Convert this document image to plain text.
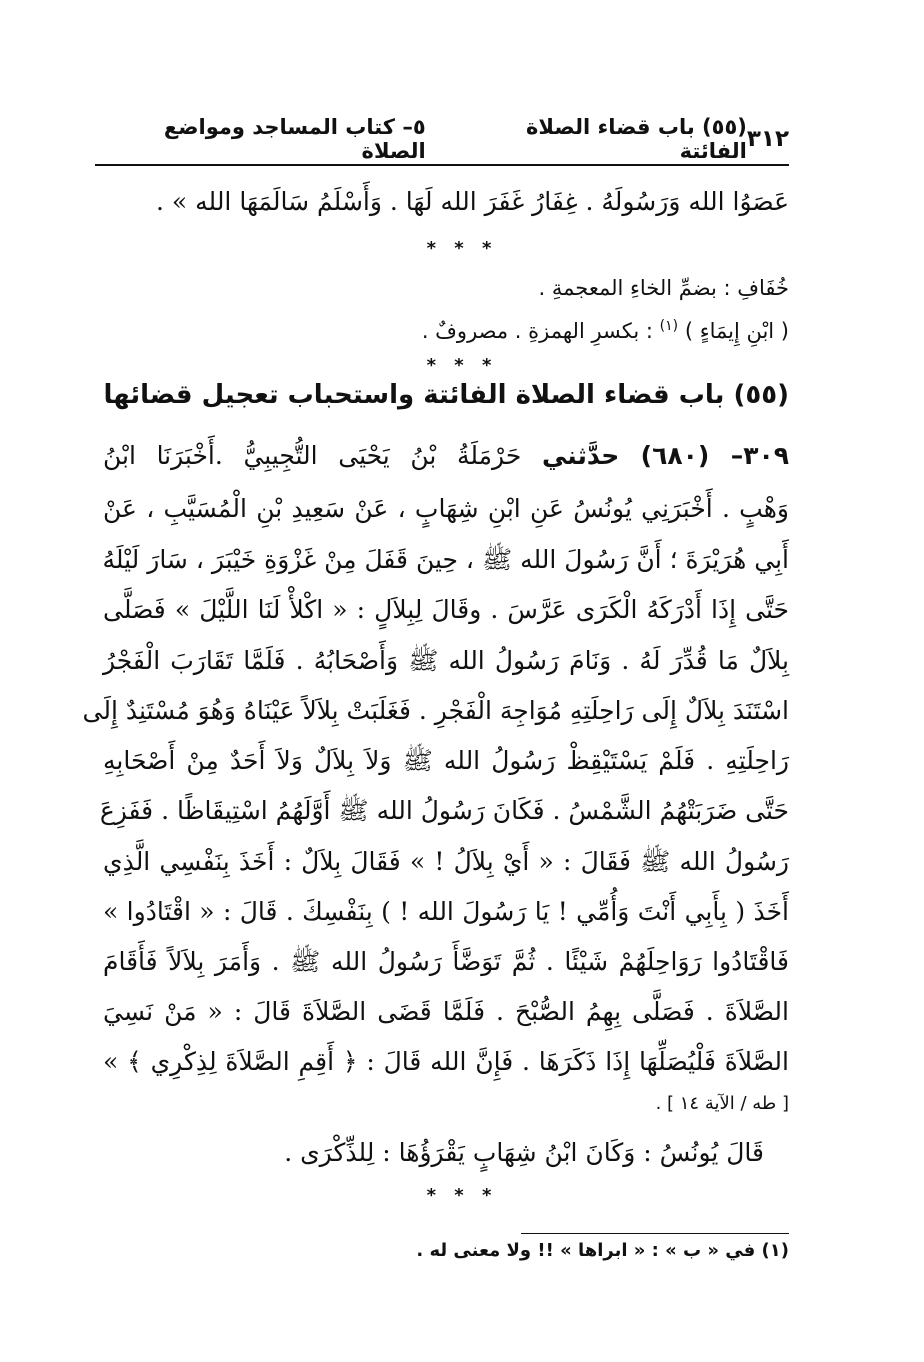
٣١٢
(٥٥) باب قضاء الصلاة الفائتة
٥– كتاب المساجد ومواضع الصلاة
عَصَوُا الله وَرَسُولَهُ . غِفَارُ غَفَرَ الله لَهَا . وَأَسْلَمُ سَالَمَهَا الله » .
* * *
خُفَافِ : بضمِّ الخاءِ المعجمةِ .
( ابْنِ إِيمَاءٍ ) $^{(١)}$ : بكسرِ الهمزةِ . مصروفٌ .
* * *
(٥٥) باب قضاء الصلاة الفائتة واستحباب تعجيل قضائها
٣٠٩– (٦٨٠) حدَّثني حَرْمَلَةُ بْنُ يَحْيَى التُّجِيبِيُّ .أَخْبَرَنَا ابْنُ
وَهْبٍ . أَخْبَرَنِي يُونُسُ عَنِ ابْنِ شِهَابٍ ، عَنْ سَعِيدِ بْنِ الْمُسَيَّبِ ، عَنْ
أَبِي هُرَيْرَةَ ؛ أَنَّ رَسُولَ الله ﷺ ، حِينَ قَفَلَ مِنْ غَزْوَةِ خَيْبَرَ ، سَارَ لَيْلَهُ
حَتَّى إِذَا أَدْرَكَهُ الْكَرَى عَرَّسَ . وقَالَ لِبِلاَلٍ : « اكْلأْ لَنَا اللَّيْلَ » فَصَلَّى
بِلاَلٌ مَا قُدِّرَ لَهُ . وَنَامَ رَسُولُ الله ﷺ وَأَصْحَابُهُ . فَلَمَّا تَقَارَبَ الْفَجْرُ
اسْتَنَدَ بِلاَلٌ إِلَى رَاحِلَتِهِ مُوَاجِهَ الْفَجْرِ . فَغَلَبَتْ بِلاَلاً عَيْنَاهُ وَهُوَ مُسْتَنِدٌ إِلَى
رَاحِلَتِهِ . فَلَمْ يَسْتَيْقِظْ رَسُولُ الله ﷺ وَلاَ بِلاَلٌ وَلاَ أَحَدٌ مِنْ أَصْحَابِهِ
حَتَّى ضَرَبَتْهُمُ الشَّمْسُ . فَكَانَ رَسُولُ الله ﷺ أَوَّلَهُمُ اسْتِيقَاظًا . فَفَزِعَ
رَسُولُ الله ﷺ فَقَالَ : « أَيْ بِلاَلُ ! » فَقَالَ بِلاَلٌ : أَخَذَ بِنَفْسِي الَّذِي
أَخَذَ ( بِأَبِي أَنْتَ وَأُمِّي ! يَا رَسُولَ الله ! ) بِنَفْسِكَ . قَالَ : « اقْتَادُوا »
فَاقْتَادُوا رَوَاحِلَهُمْ شَيْئًا . ثُمَّ تَوَضَّأَ رَسُولُ الله ﷺ . وَأَمَرَ بِلاَلاً فَأَقَامَ
الصَّلاَةَ . فَصَلَّى بِهِمُ الصُّبْحَ . فَلَمَّا قَضَى الصَّلاَةَ قَالَ : « مَنْ نَسِيَ
الصَّلاَةَ فَلْيُصَلِّهَا إِذَا ذَكَرَهَا . فَإِنَّ الله قَالَ : ﴿ أَقِمِ الصَّلاَةَ لِذِكْرِي ﴾ »
[ طه / الآية ١٤ ] .
قَالَ يُونُسُ : وَكَانَ ابْنُ شِهَابٍ يَقْرَؤُهَا : لِلذِّكْرَى .
* * *
(١) في « ب » : « ابراها » !! ولا معنى له .
